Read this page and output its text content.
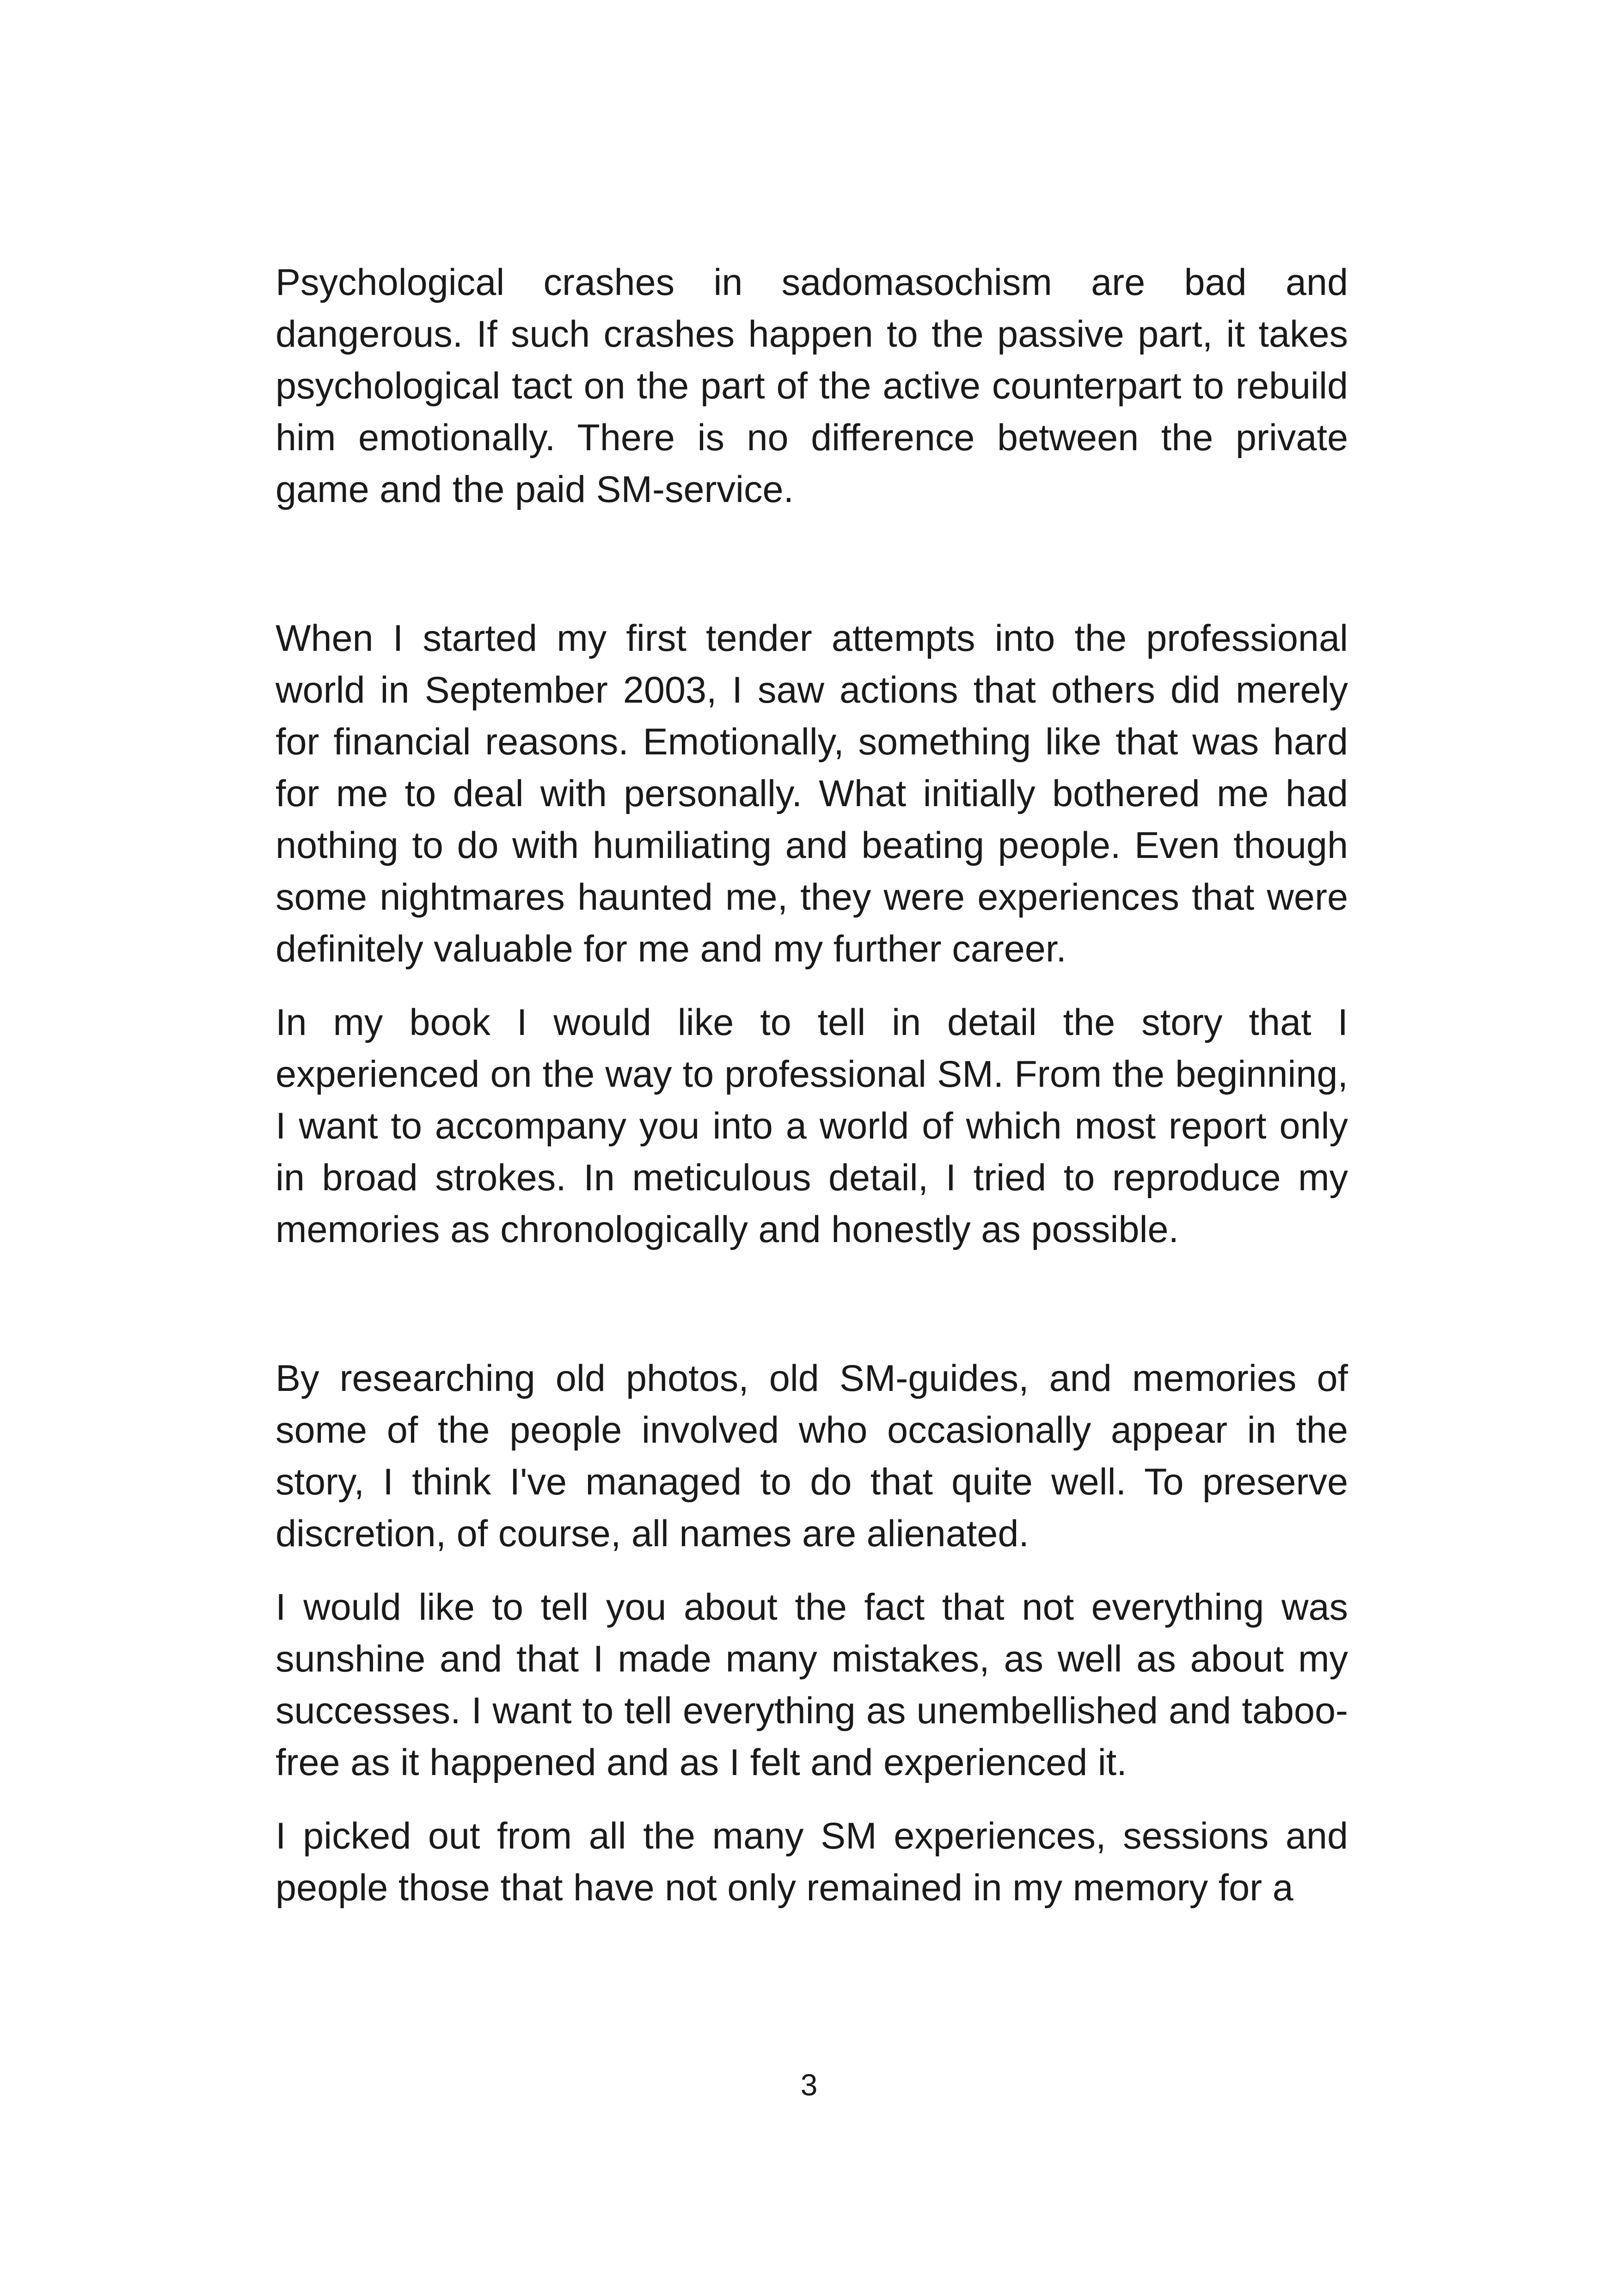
Psychological crashes in sadomasochism are bad and dangerous. If such crashes happen to the passive part, it takes psychological tact on the part of the active counterpart to rebuild him emotionally. There is no difference between the private game and the paid SM-service.

When I started my first tender attempts into the professional world in September 2003, I saw actions that others did merely for financial reasons. Emotionally, something like that was hard for me to deal with personally. What initially bothered me had nothing to do with humiliating and beating people. Even though some nightmares haunted me, they were experiences that were definitely valuable for me and my further career.

In my book I would like to tell in detail the story that I experienced on the way to professional SM. From the beginning, I want to accompany you into a world of which most report only in broad strokes. In meticulous detail, I tried to reproduce my memories as chronologically and honestly as possible.

By researching old photos, old SM-guides, and memories of some of the people involved who occasionally appear in the story, I think I've managed to do that quite well. To preserve discretion, of course, all names are alienated.

I would like to tell you about the fact that not everything was sunshine and that I made many mistakes, as well as about my successes. I want to tell everything as unembellished and taboo-free as it happened and as I felt and experienced it.

I picked out from all the many SM experiences, sessions and people those that have not only remained in my memory for a

3
